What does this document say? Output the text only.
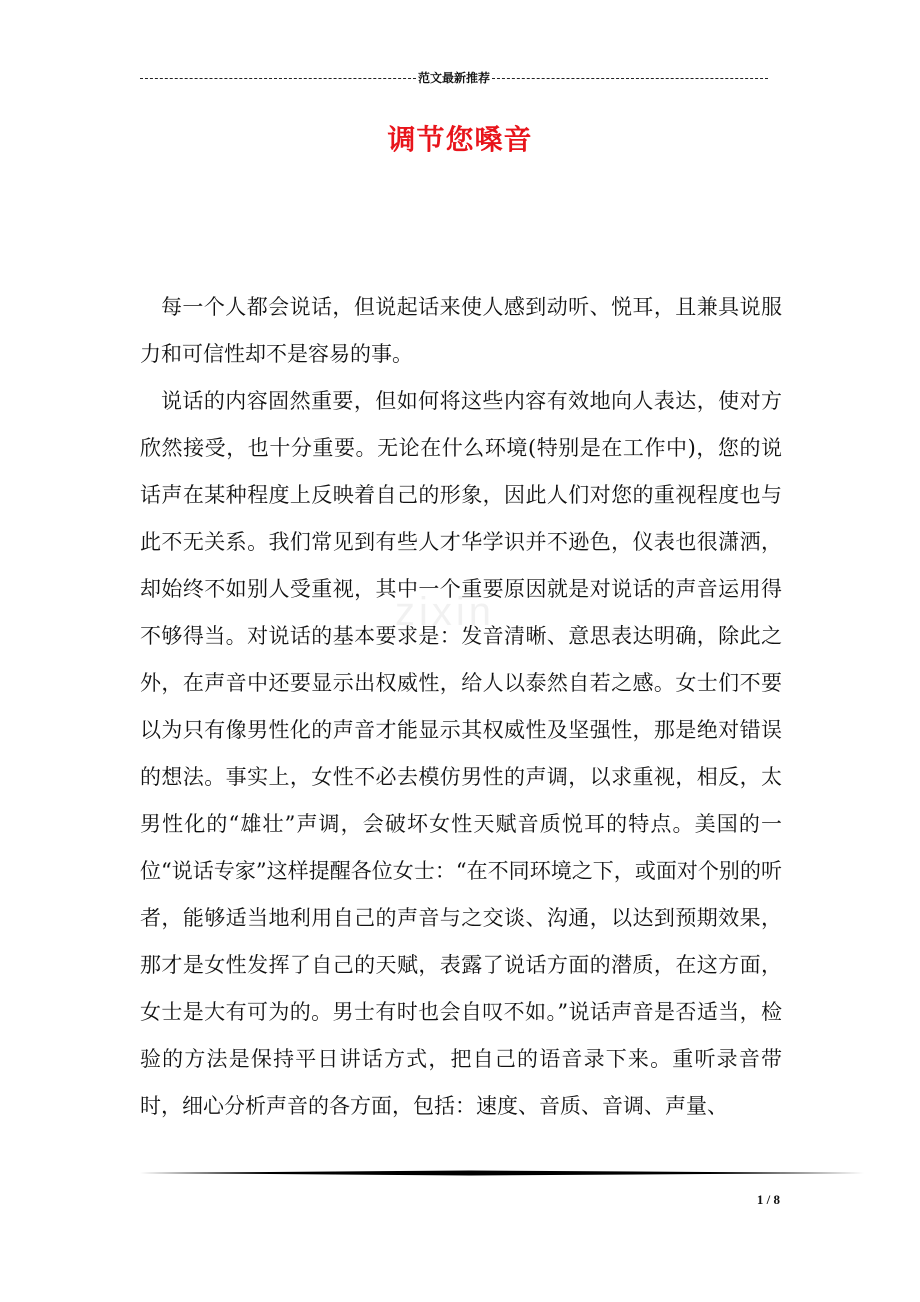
范文最新推荐
调节您嗓音
zixin

每一个人都会说话，但说起话来使人感到动听、悦耳，且兼具说服力和可信性却不是容易的事。

说话的内容固然重要，但如何将这些内容有效地向人表达，使对方欣然接受，也十分重要。无论在什么环境(特别是在工作中)，您的说话声在某种程度上反映着自己的形象，因此人们对您的重视程度也与此不无关系。我们常见到有些人才华学识并不逊色，仪表也很潇洒，却始终不如别人受重视，其中一个重要原因就是对说话的声音运用得不够得当。对说话的基本要求是：发音清晰、意思表达明确，除此之外，在声音中还要显示出权威性，给人以泰然自若之感。女士们不要以为只有像男性化的声音才能显示其权威性及坚强性，那是绝对错误的想法。事实上，女性不必去模仿男性的声调，以求重视，相反，太男性化的“雄壮”声调，会破坏女性天赋音质悦耳的特点。美国的一位“说话专家”这样提醒各位女士：“在不同环境之下，或面对个别的听者，能够适当地利用自己的声音与之交谈、沟通，以达到预期效果，那才是女性发挥了自己的天赋，表露了说话方面的潜质，在这方面，女士是大有可为的。男士有时也会自叹不如。”说话声音是否适当，检验的方法是保持平日讲话方式，把自己的语音录下来。重听录音带时，细心分析声音的各方面，包括：速度、音质、音调、声量、

1 / 8
